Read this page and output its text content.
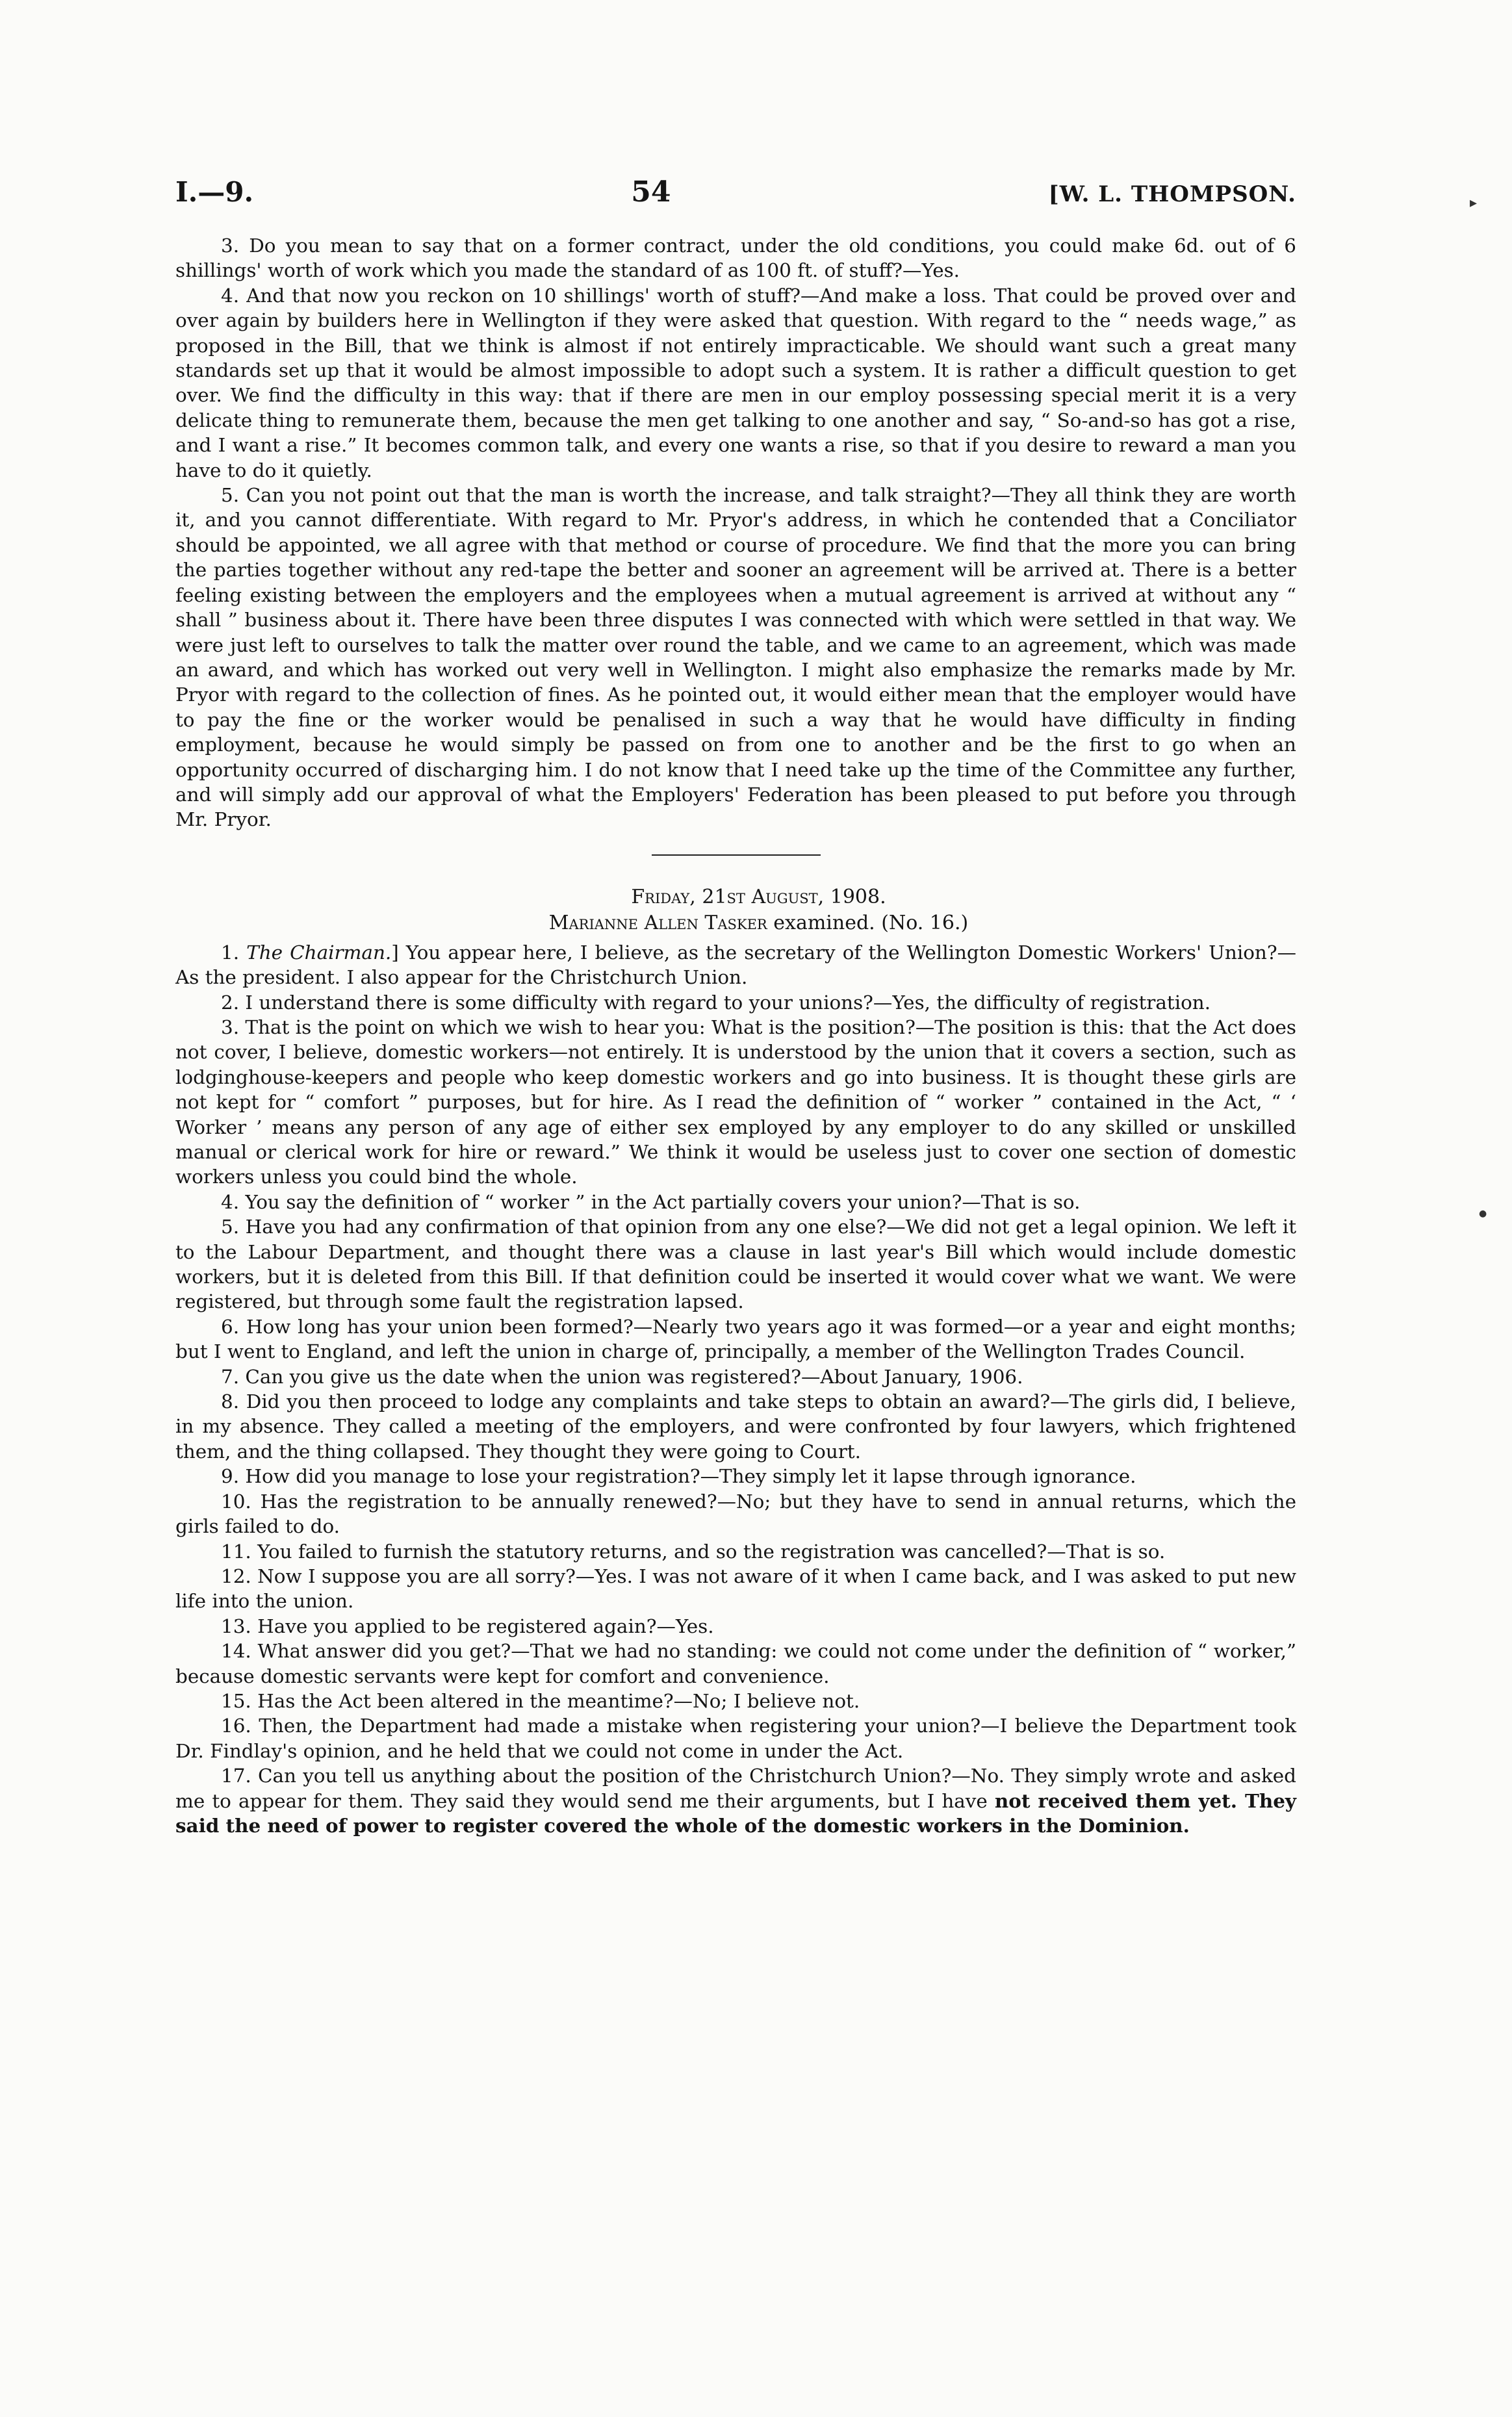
▸
●
I.—9.	54	[W. L. THOMPSON.

3. Do you mean to say that on a former contract, under the old conditions, you could make 6d. out of 6 shillings' worth of work which you made the standard of as 100 ft. of stuff?—Yes.

4. And that now you reckon on 10 shillings' worth of stuff?—And make a loss. That could be proved over and over again by builders here in Wellington if they were asked that question. With regard to the “ needs wage,” as proposed in the Bill, that we think is almost if not entirely impracticable. We should want such a great many standards set up that it would be almost impossible to adopt such a system. It is rather a difficult question to get over. We find the difficulty in this way: that if there are men in our employ possessing special merit it is a very delicate thing to remunerate them, because the men get talking to one another and say, “ So-and-so has got a rise, and I want a rise.” It becomes common talk, and every one wants a rise, so that if you desire to reward a man you have to do it quietly.

5. Can you not point out that the man is worth the increase, and talk straight?—They all think they are worth it, and you cannot differentiate. With regard to Mr. Pryor's address, in which he contended that a Conciliator should be appointed, we all agree with that method or course of procedure. We find that the more you can bring the parties together without any red-tape the better and sooner an agreement will be arrived at. There is a better feeling existing between the employers and the employees when a mutual agreement is arrived at without any “ shall ” business about it. There have been three disputes I was connected with which were settled in that way. We were just left to ourselves to talk the matter over round the table, and we came to an agreement, which was made an award, and which has worked out very well in Wellington. I might also emphasize the remarks made by Mr. Pryor with regard to the collection of fines. As he pointed out, it would either mean that the employer would have to pay the fine or the worker would be penalised in such a way that he would have difficulty in finding employment, because he would simply be passed on from one to another and be the first to go when an opportunity occurred of discharging him. I do not know that I need take up the time of the Committee any further, and will simply add our approval of what the Employers' Federation has been pleased to put before you through Mr. Pryor.

Friday, 21st August, 1908.

Marianne Allen Tasker examined. (No. 16.)

1. The Chairman.] You appear here, I believe, as the secretary of the Wellington Domestic Workers' Union?—As the president. I also appear for the Christchurch Union.

2. I understand there is some difficulty with regard to your unions?—Yes, the difficulty of registration.

3. That is the point on which we wish to hear you: What is the position?—The position is this: that the Act does not cover, I believe, domestic workers—not entirely. It is understood by the union that it covers a section, such as lodginghouse-keepers and people who keep domestic workers and go into business. It is thought these girls are not kept for “ comfort ” purposes, but for hire. As I read the definition of “ worker ” contained in the Act, “ ‘ Worker ’ means any person of any age of either sex employed by any employer to do any skilled or unskilled manual or clerical work for hire or reward.” We think it would be useless just to cover one section of domestic workers unless you could bind the whole.

4. You say the definition of “ worker ” in the Act partially covers your union?—That is so.

5. Have you had any confirmation of that opinion from any one else?—We did not get a legal opinion. We left it to the Labour Department, and thought there was a clause in last year's Bill which would include domestic workers, but it is deleted from this Bill. If that definition could be inserted it would cover what we want. We were registered, but through some fault the registration lapsed.

6. How long has your union been formed?—Nearly two years ago it was formed—or a year and eight months; but I went to England, and left the union in charge of, principally, a member of the Wellington Trades Council.

7. Can you give us the date when the union was registered?—About January, 1906.

8. Did you then proceed to lodge any complaints and take steps to obtain an award?—The girls did, I believe, in my absence. They called a meeting of the employers, and were confronted by four lawyers, which frightened them, and the thing collapsed. They thought they were going to Court.

9. How did you manage to lose your registration?—They simply let it lapse through ignorance.

10. Has the registration to be annually renewed?—No; but they have to send in annual returns, which the girls failed to do.

11. You failed to furnish the statutory returns, and so the registration was cancelled?—That is so.

12. Now I suppose you are all sorry?—Yes. I was not aware of it when I came back, and I was asked to put new life into the union.

13. Have you applied to be registered again?—Yes.

14. What answer did you get?—That we had no standing: we could not come under the definition of “ worker,” because domestic servants were kept for comfort and convenience.

15. Has the Act been altered in the meantime?—No; I believe not.

16. Then, the Department had made a mistake when registering your union?—I believe the Department took Dr. Findlay's opinion, and he held that we could not come in under the Act.

17. Can you tell us anything about the position of the Christchurch Union?—No. They simply wrote and asked me to appear for them. They said they would send me their arguments, but I have not received them yet. They said the need of power to register covered the whole of the domestic workers in the Dominion.
